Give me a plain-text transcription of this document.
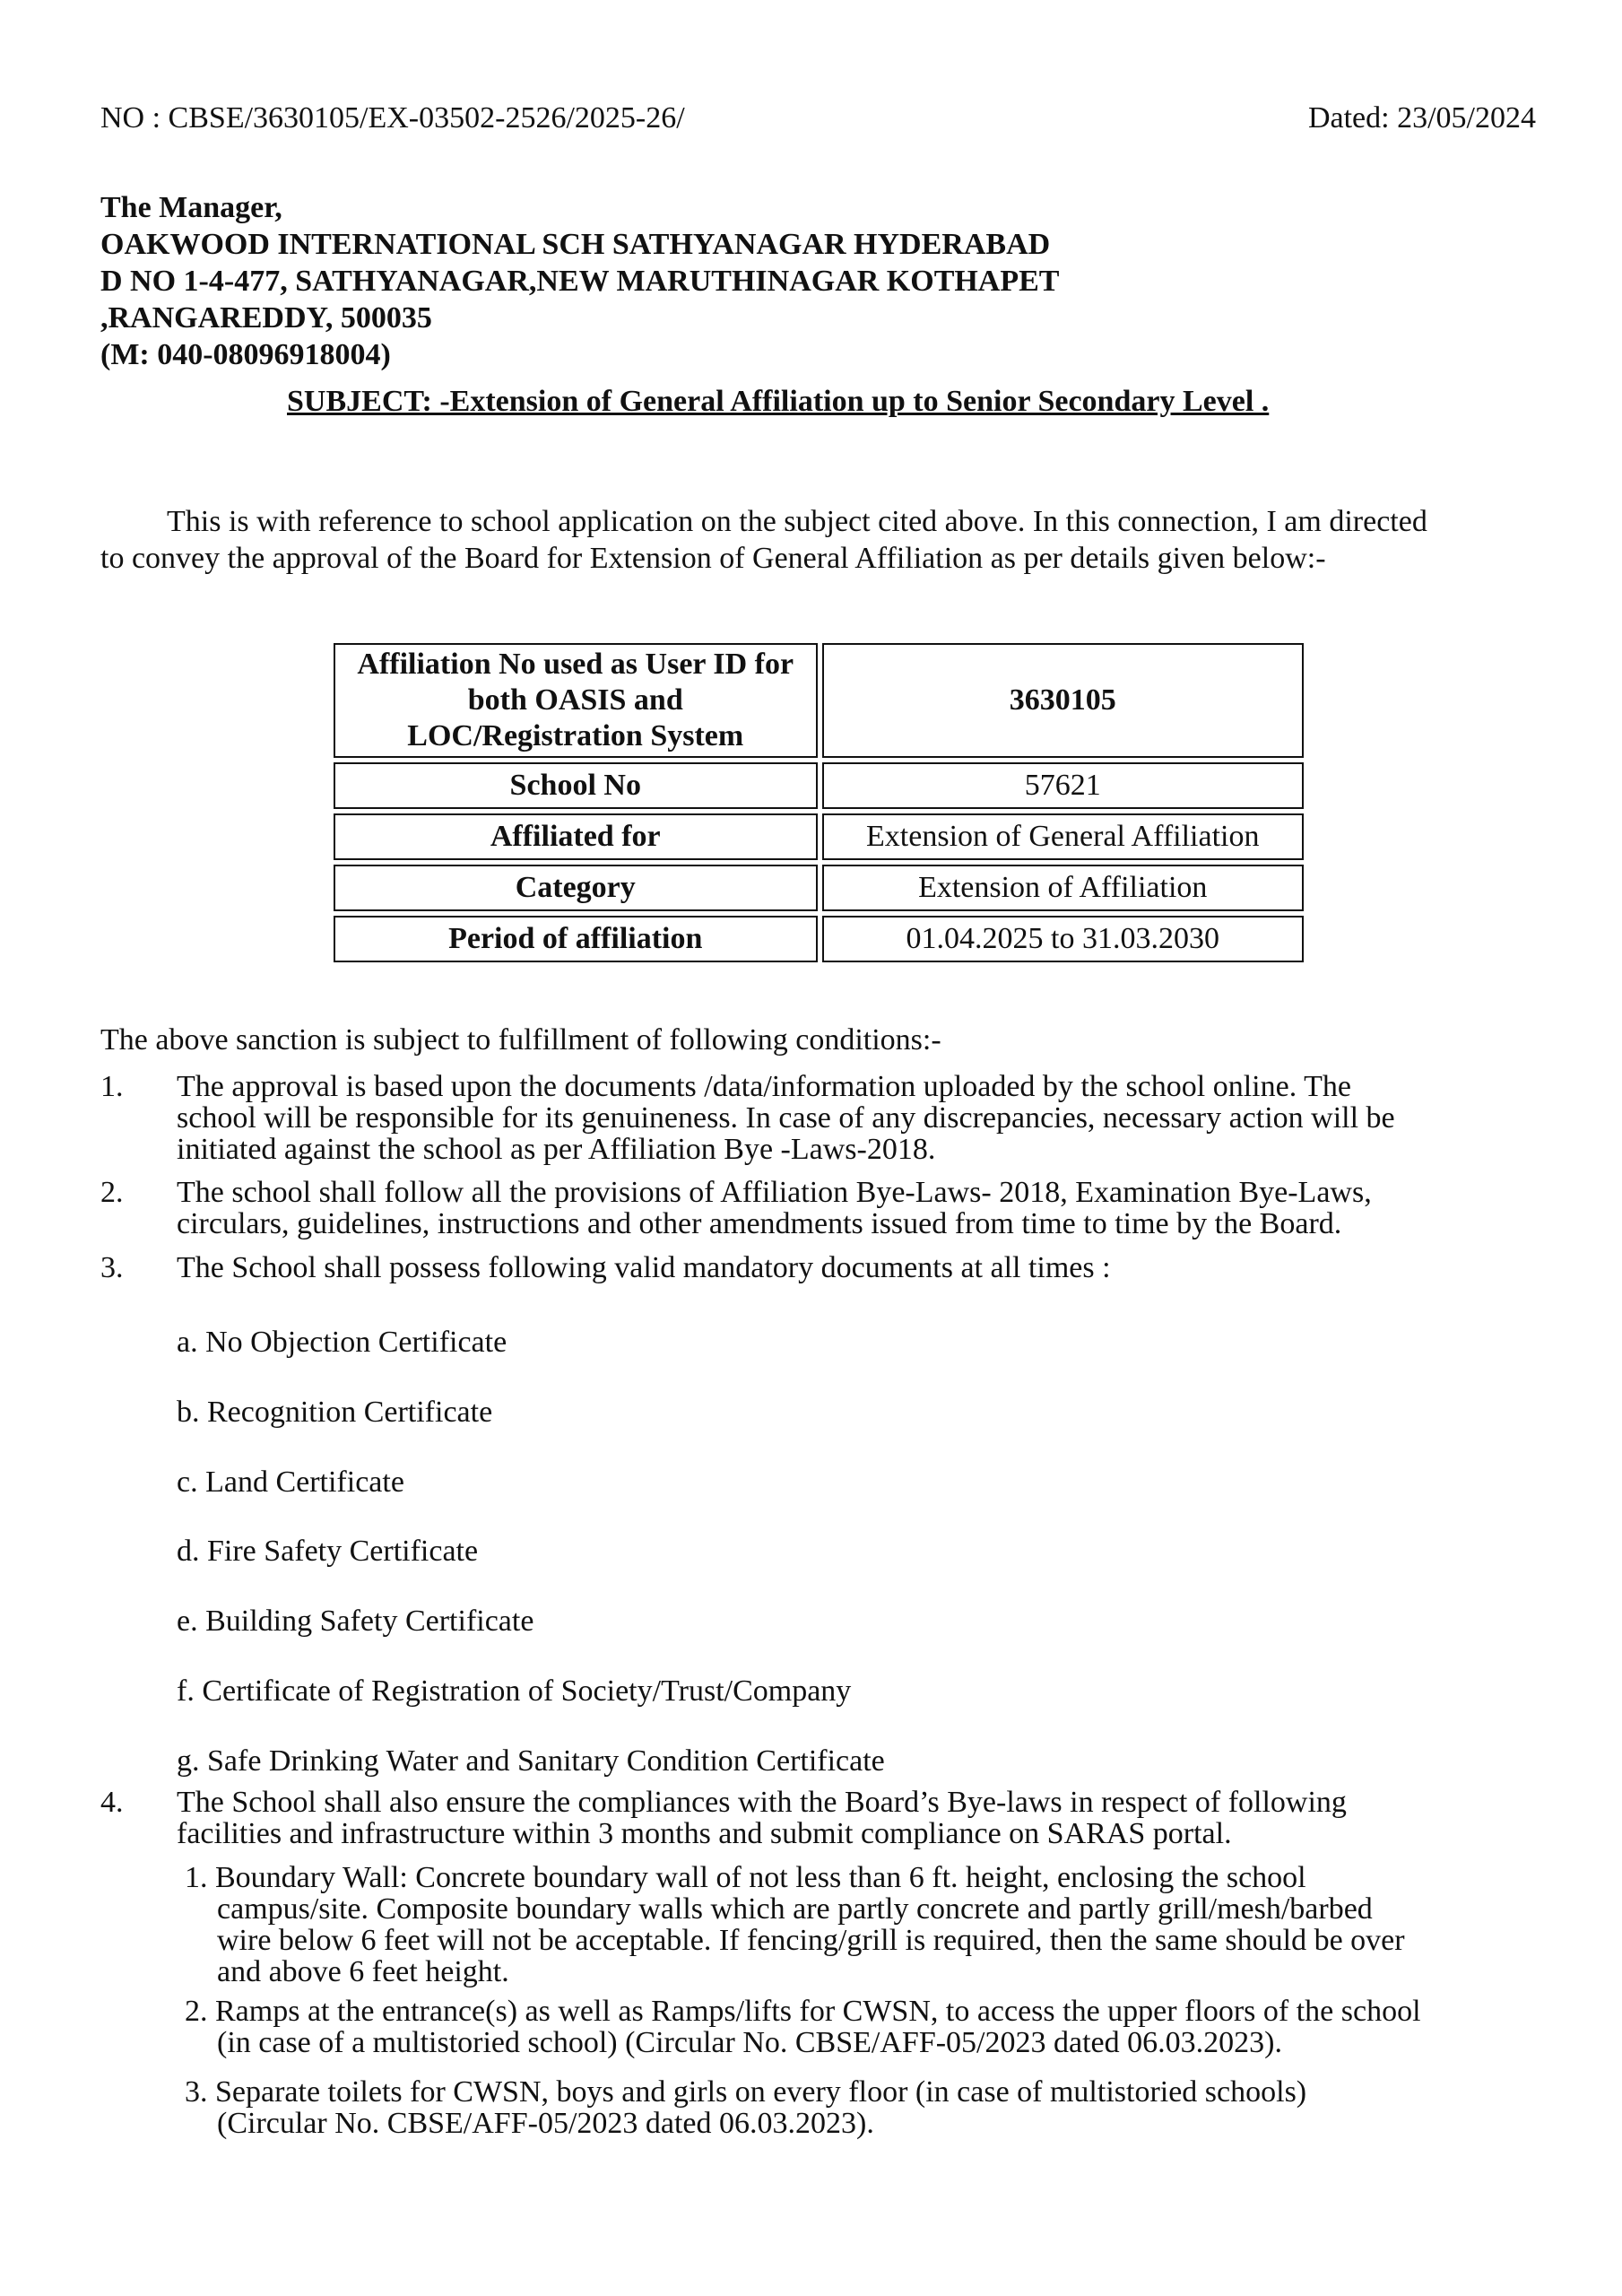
NO : CBSE/3630105/EX-03502-2526/2025-26/	Dated: 23/05/2024

The Manager,
OAKWOOD INTERNATIONAL SCH SATHYANAGAR HYDERABAD
D NO 1-4-477, SATHYANAGAR,NEW MARUTHINAGAR KOTHAPET
,RANGAREDDY, 500035
(M: 040-08096918004)

SUBJECT: -Extension of General Affiliation up to Senior Secondary Level .

This is with reference to school application on the subject cited above. In this connection, I am directed
to convey the approval of the Board for Extension of General Affiliation as per details given below:-
Affiliation No used as User ID for
both OASIS and
LOC/Registration System	3630105
School No	57621
Affiliated for	Extension of General Affiliation
Category	Extension of Affiliation
Period of affiliation	01.04.2025 to 31.03.2030

The above sanction is subject to fulfillment of following conditions:-

1. The approval is based upon the documents /data/information uploaded by the school online. The
school will be responsible for its genuineness. In case of any discrepancies, necessary action will be
initiated against the school as per Affiliation Bye -Laws-2018.
2. The school shall follow all the provisions of Affiliation Bye-Laws- 2018, Examination Bye-Laws,
circulars, guidelines, instructions and other amendments issued from time to time by the Board.
3. The School shall possess following valid mandatory documents at all times :
a. No Objection Certificate
b. Recognition Certificate
c. Land Certificate
d. Fire Safety Certificate
e. Building Safety Certificate
f. Certificate of Registration of Society/Trust/Company
g. Safe Drinking Water and Sanitary Condition Certificate
4. The School shall also ensure the compliances with the Board’s Bye-laws in respect of following
facilities and infrastructure within 3 months and submit compliance on SARAS portal.
1. Boundary Wall: Concrete boundary wall of not less than 6 ft. height, enclosing the school
campus/site. Composite boundary walls which are partly concrete and partly grill/mesh/barbed
wire below 6 feet will not be acceptable. If fencing/grill is required, then the same should be over
and above 6 feet height.
2. Ramps at the entrance(s) as well as Ramps/lifts for CWSN, to access the upper floors of the school
(in case of a multistoried school) (Circular No. CBSE/AFF-05/2023 dated 06.03.2023).
3. Separate toilets for CWSN, boys and girls on every floor (in case of multistoried schools)
(Circular No. CBSE/AFF-05/2023 dated 06.03.2023).
